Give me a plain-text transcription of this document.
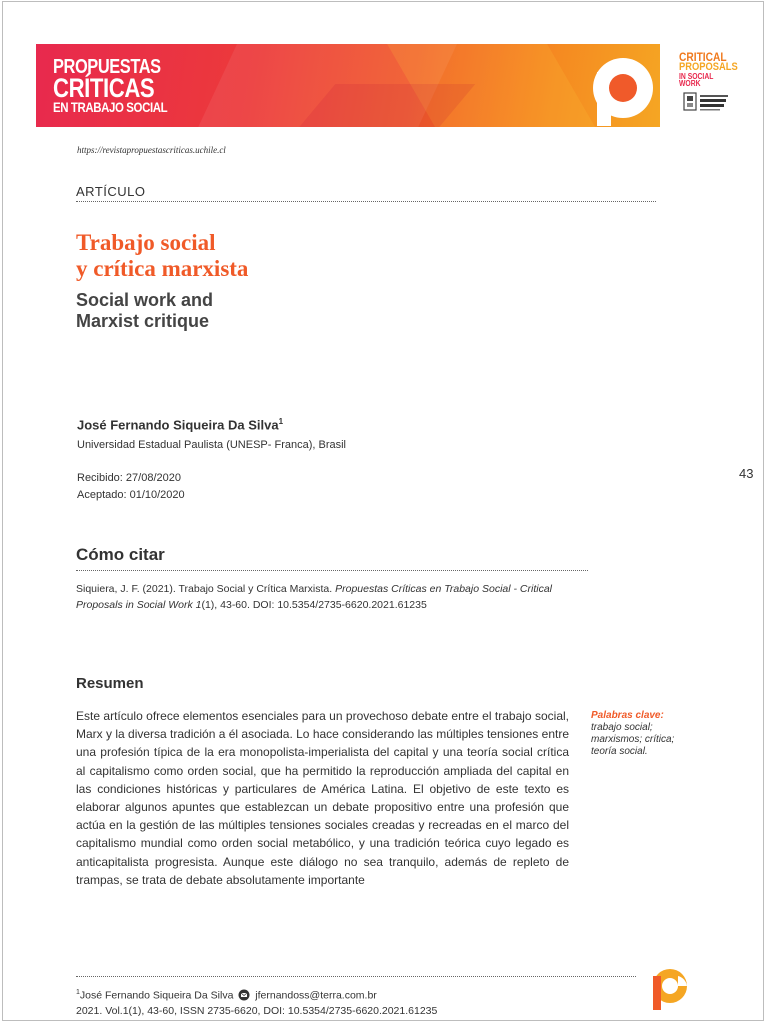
PROPUESTAS
CRÍTICAS
EN TRABAJO SOCIAL
CRITICAL
PROPOSALS
IN SOCIAL WORK
https://revistapropuestascriticas.uchile.cl
ARTÍCULO
Trabajo social
y crítica marxista
Social work and
Marxist critique
José Fernando Siqueira Da Silva$^1$
Universidad Estadual Paulista (UNESP- Franca), Brasil
Recibido: 27/08/2020
Aceptado: 01/10/2020
43
Cómo citar
Siquiera, J. F. (2021). Trabajo Social y Crítica Marxista. Propuestas Críticas en Trabajo Social - Critical Proposals in Social Work 1(1), 43-60. DOI: 10.5354/2735-6620.2021.61235
Resumen
Este artículo ofrece elementos esenciales para un provechoso debate entre el trabajo social, Marx y la diversa tradición a él asociada. Lo hace considerando las múltiples tensiones entre una profesión típica de la era monopolista-imperialista del capital y una teoría social crítica al capitalismo como orden social, que ha permitido la reproducción ampliada del capital en las condiciones históricas y particulares de América Latina. El objetivo de este texto es elaborar algunos apuntes que establezcan un debate propositivo entre una profesión que actúa en la gestión de las múltiples tensiones sociales creadas y recreadas en el marco del capitalismo mundial como orden social metabólico, y una tradición teórica cuyo legado es anticapitalista progresista. Aunque este diálogo no sea tranquilo, además de repleto de trampas, se trata de debate absolutamente importante
Palabras clave:
trabajo social; marxismos; crítica; teoría social.
$^1$José Fernando Siqueira Da Silva jfernandoss@terra.com.br
2021. Vol.1(1), 43-60, ISSN 2735-6620, DOI: 10.5354/2735-6620.2021.61235
